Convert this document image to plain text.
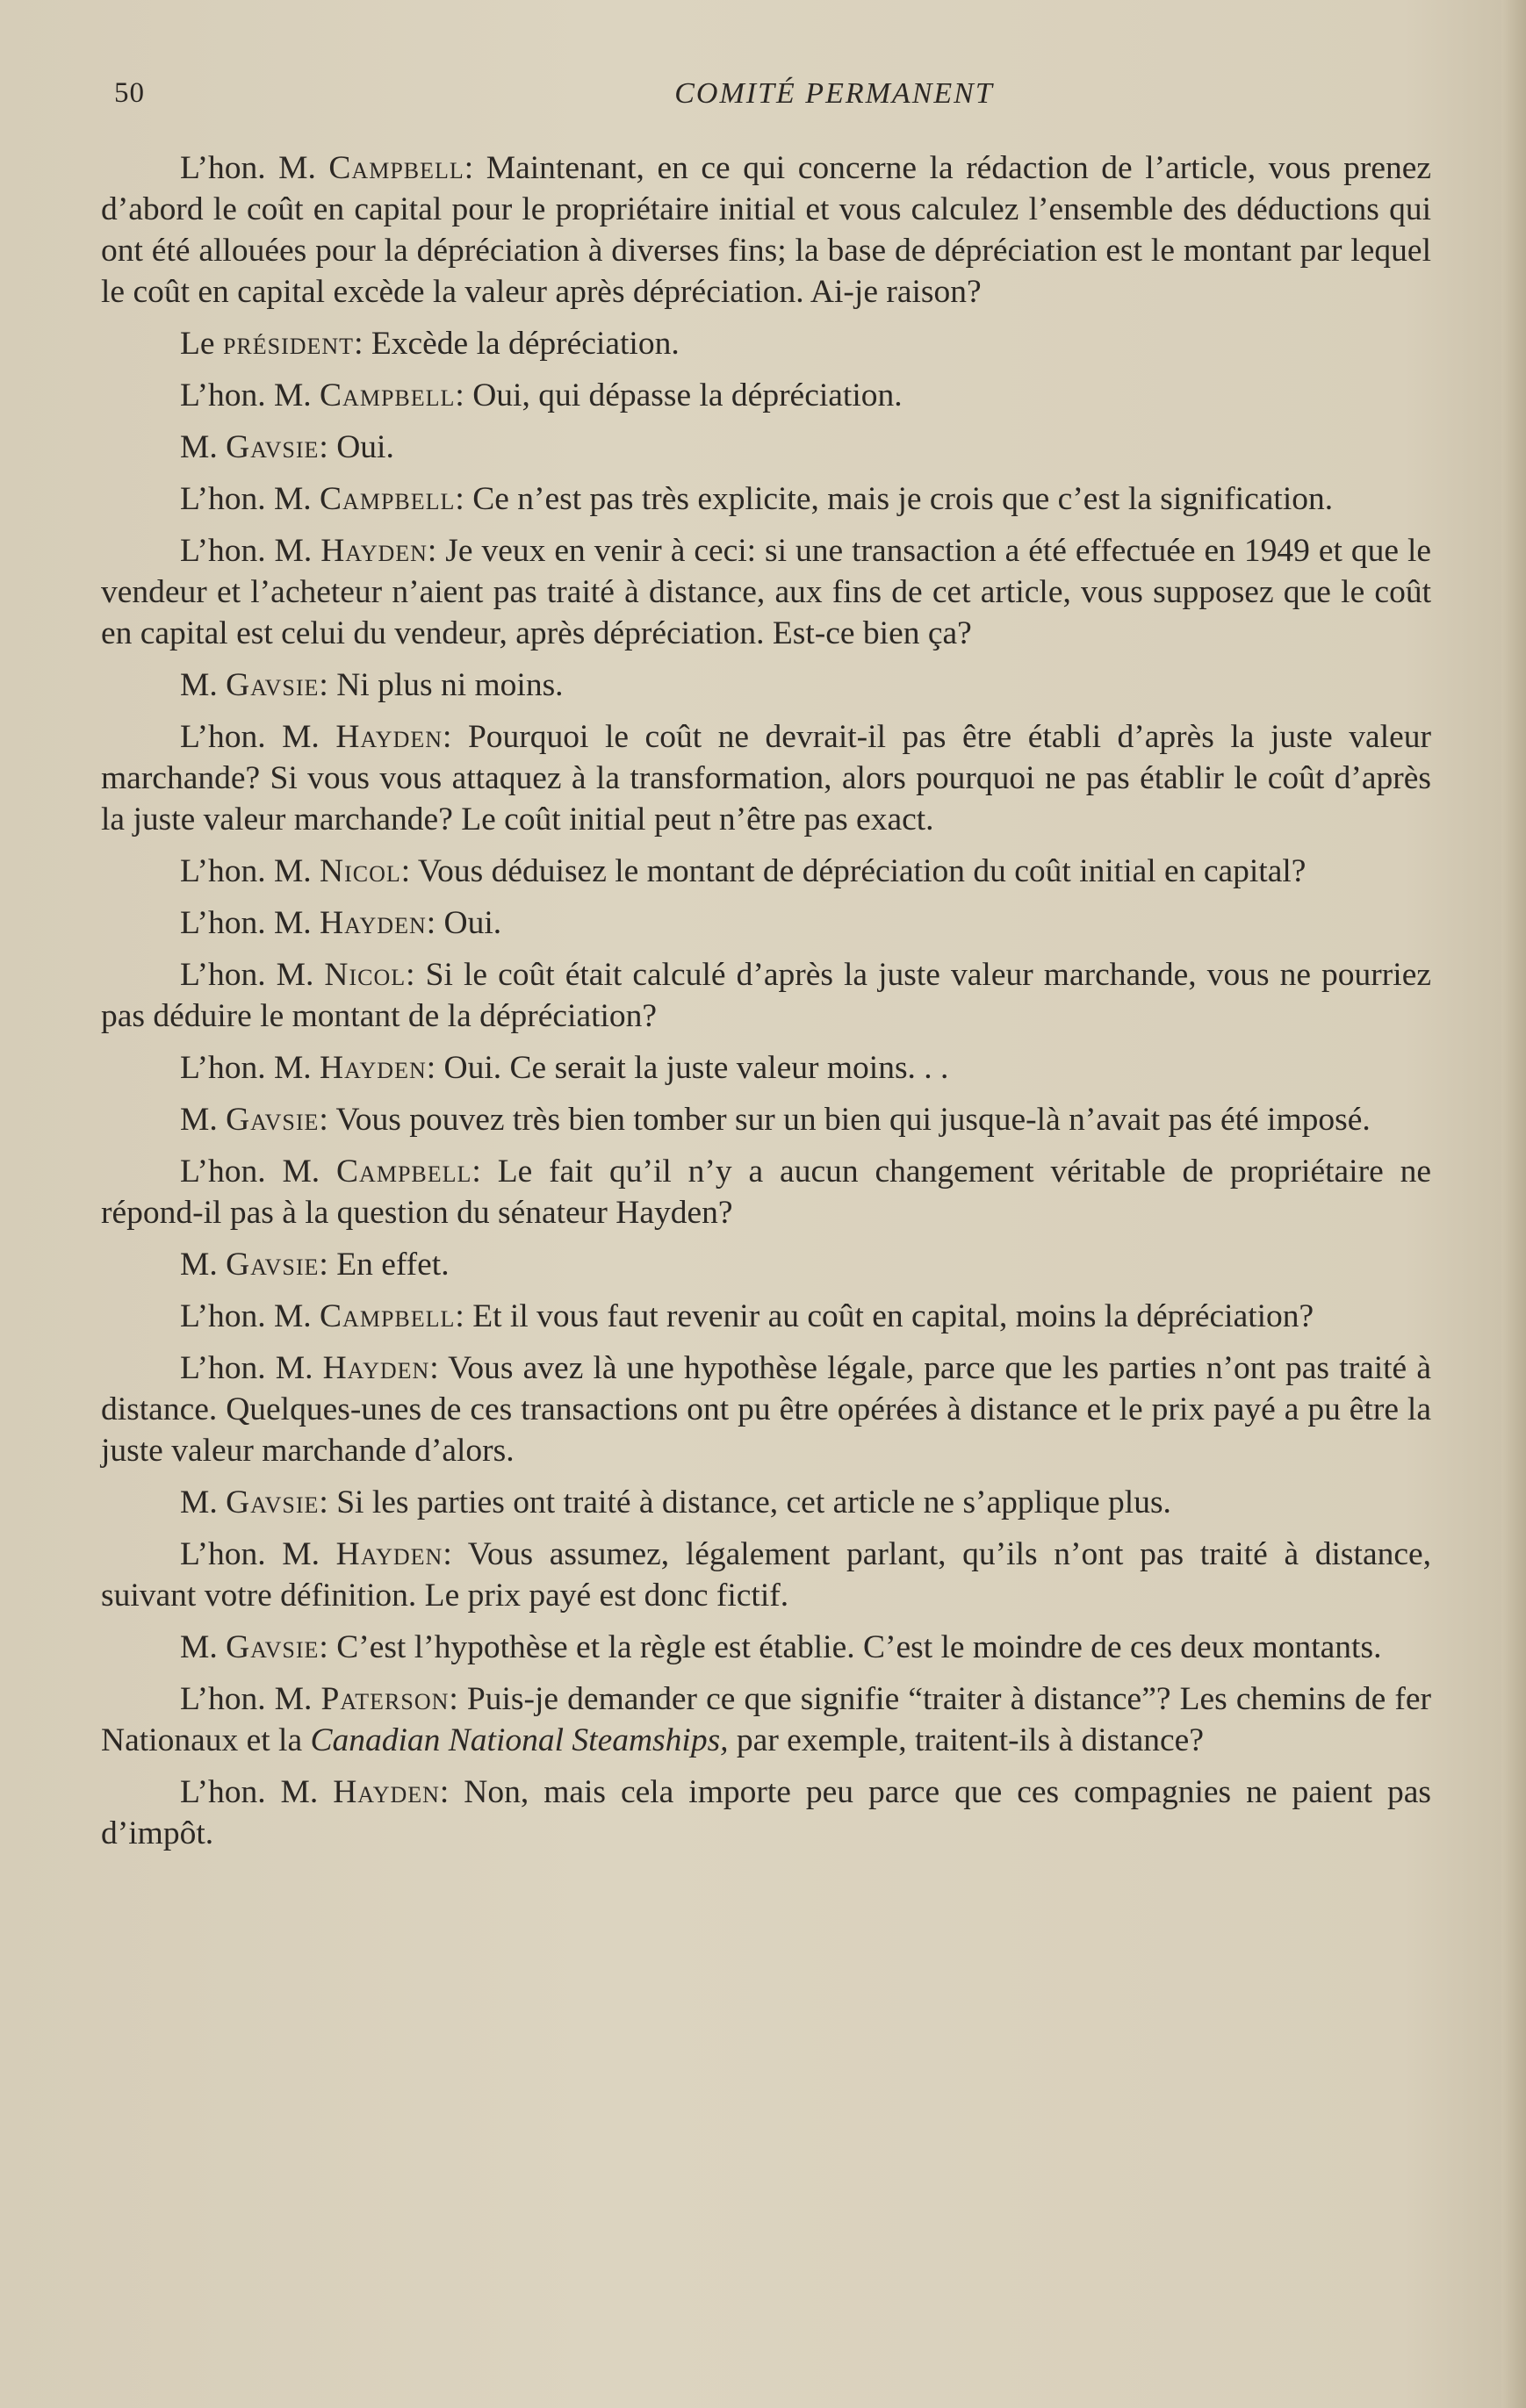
50	COMITÉ PERMANENT

L’hon. M. Campbell: Maintenant, en ce qui concerne la rédaction de l’article, vous prenez d’abord le coût en capital pour le propriétaire initial et vous calculez l’ensemble des déductions qui ont été allouées pour la dépréciation à diverses fins; la base de dépréciation est le montant par lequel le coût en capital excède la valeur après dépréciation. Ai-je raison?

Le président: Excède la dépréciation.

L’hon. M. Campbell: Oui, qui dépasse la dépréciation.

M. Gavsie: Oui.

L’hon. M. Campbell: Ce n’est pas très explicite, mais je crois que c’est la signification.

L’hon. M. Hayden: Je veux en venir à ceci: si une transaction a été effectuée en 1949 et que le vendeur et l’acheteur n’aient pas traité à distance, aux fins de cet article, vous supposez que le coût en capital est celui du vendeur, après dépréciation. Est-ce bien ça?

M. Gavsie: Ni plus ni moins.

L’hon. M. Hayden: Pourquoi le coût ne devrait-il pas être établi d’après la juste valeur marchande? Si vous vous attaquez à la transformation, alors pourquoi ne pas établir le coût d’après la juste valeur marchande? Le coût initial peut n’être pas exact.

L’hon. M. Nicol: Vous déduisez le montant de dépréciation du coût initial en capital?

L’hon. M. Hayden: Oui.

L’hon. M. Nicol: Si le coût était calculé d’après la juste valeur marchande, vous ne pourriez pas déduire le montant de la dépréciation?

L’hon. M. Hayden: Oui. Ce serait la juste valeur moins. . .

M. Gavsie: Vous pouvez très bien tomber sur un bien qui jusque-là n’avait pas été imposé.

L’hon. M. Campbell: Le fait qu’il n’y a aucun changement véritable de propriétaire ne répond-il pas à la question du sénateur Hayden?

M. Gavsie: En effet.

L’hon. M. Campbell: Et il vous faut revenir au coût en capital, moins la dépréciation?

L’hon. M. Hayden: Vous avez là une hypothèse légale, parce que les parties n’ont pas traité à distance. Quelques-unes de ces transactions ont pu être opérées à distance et le prix payé a pu être la juste valeur marchande d’alors.

M. Gavsie: Si les parties ont traité à distance, cet article ne s’applique plus.

L’hon. M. Hayden: Vous assumez, légalement parlant, qu’ils n’ont pas traité à distance, suivant votre définition. Le prix payé est donc fictif.

M. Gavsie: C’est l’hypothèse et la règle est établie. C’est le moindre de ces deux montants.

L’hon. M. Paterson: Puis-je demander ce que signifie “traiter à distance”? Les chemins de fer Nationaux et la Canadian National Steamships, par exemple, traitent-ils à distance?

L’hon. M. Hayden: Non, mais cela importe peu parce que ces compagnies ne paient pas d’impôt.
